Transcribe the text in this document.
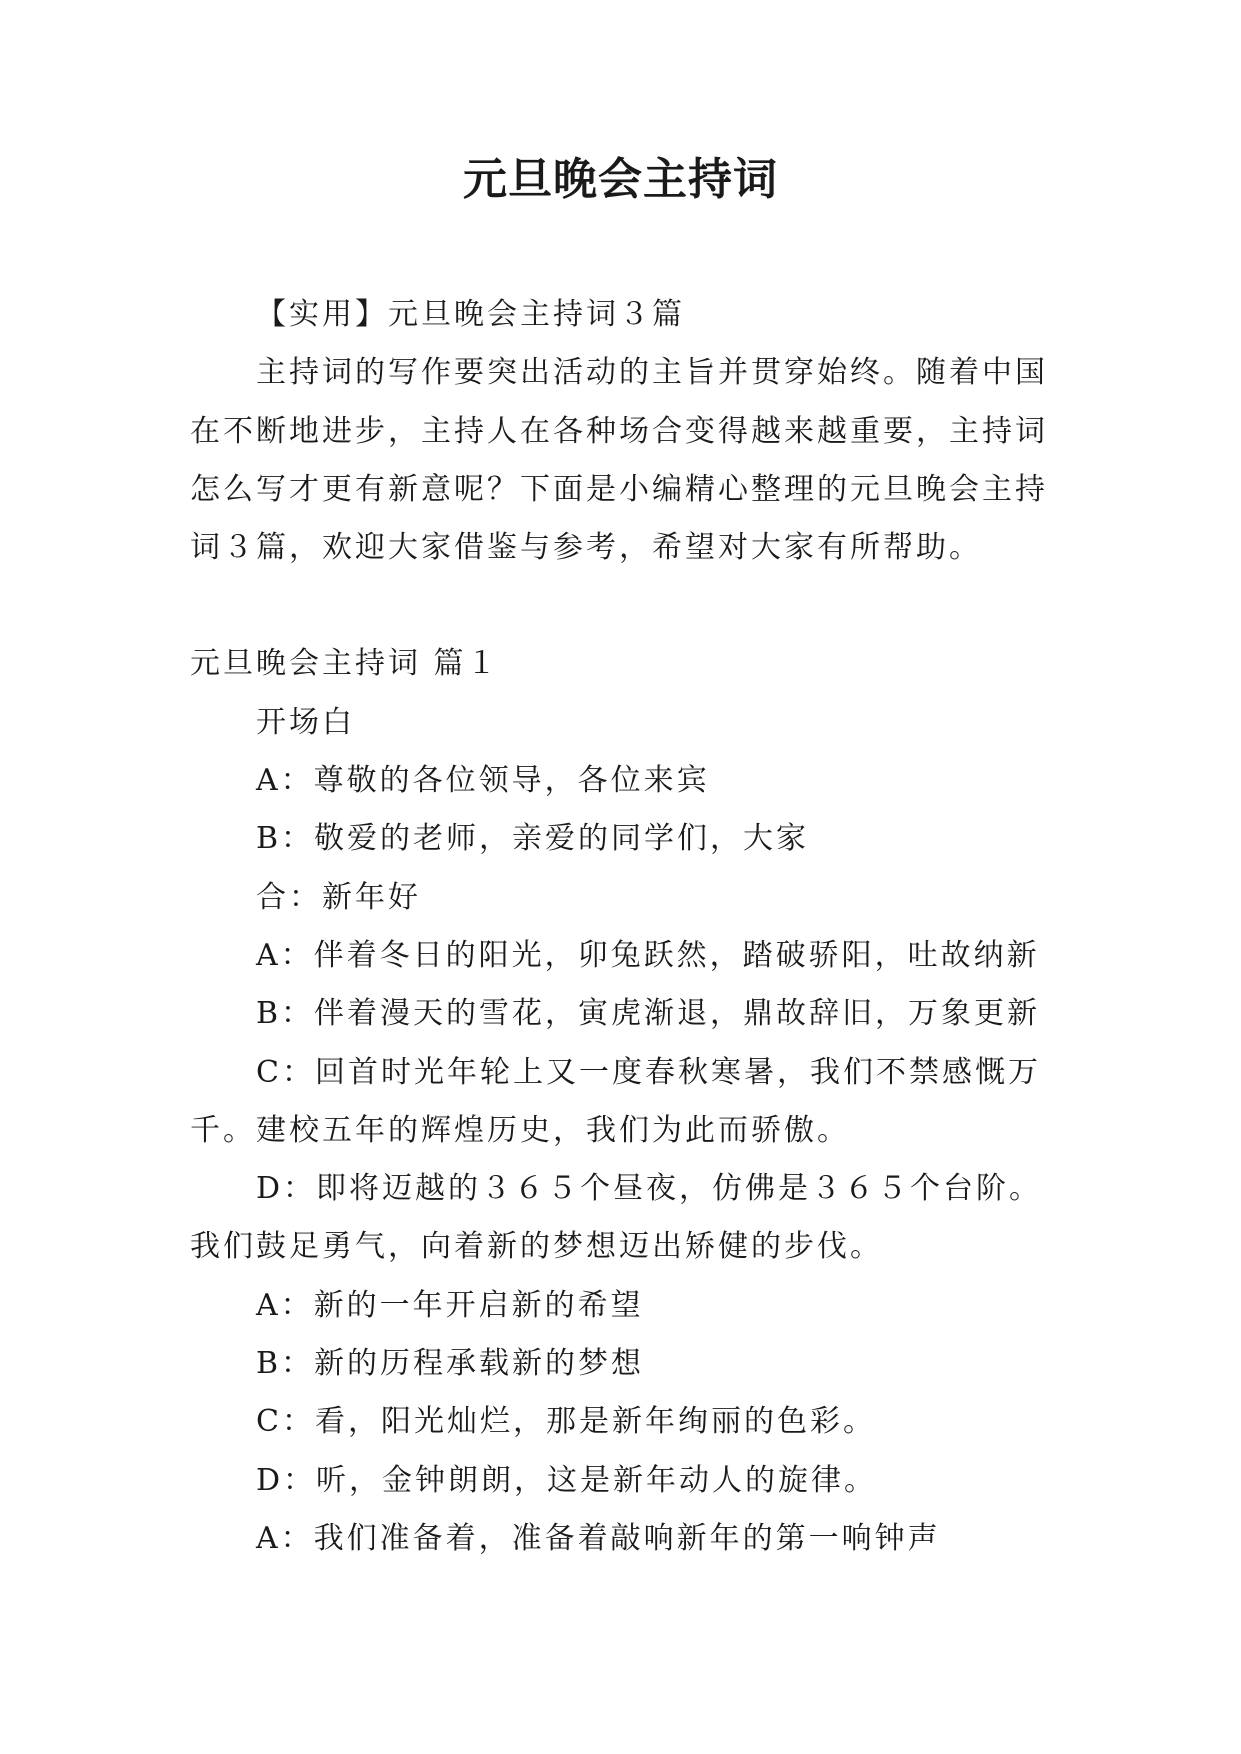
元旦晚会主持词

【实用】元旦晚会主持词３篇

主持词的写作要突出活动的主旨并贯穿始终。随着中国在不断地进步，主持人在各种场合变得越来越重要，主持词怎么写才更有新意呢？下面是小编精心整理的元旦晚会主持词３篇，欢迎大家借鉴与参考，希望对大家有所帮助。

元旦晚会主持词 篇１

开场白

A：尊敬的各位领导，各位来宾

B：敬爱的老师，亲爱的同学们，大家

合：新年好

A：伴着冬日的阳光，卯兔跃然，踏破骄阳，吐故纳新

B：伴着漫天的雪花，寅虎渐退，鼎故辞旧，万象更新

C：回首时光年轮上又一度春秋寒暑，我们不禁感慨万千。建校五年的辉煌历史，我们为此而骄傲。

D：即将迈越的３６５个昼夜，仿佛是３６５个台阶。我们鼓足勇气，向着新的梦想迈出矫健的步伐。

A：新的一年开启新的希望

B：新的历程承载新的梦想

C：看，阳光灿烂，那是新年绚丽的色彩。

D：听，金钟朗朗，这是新年动人的旋律。

A：我们准备着，准备着敲响新年的第一响钟声
